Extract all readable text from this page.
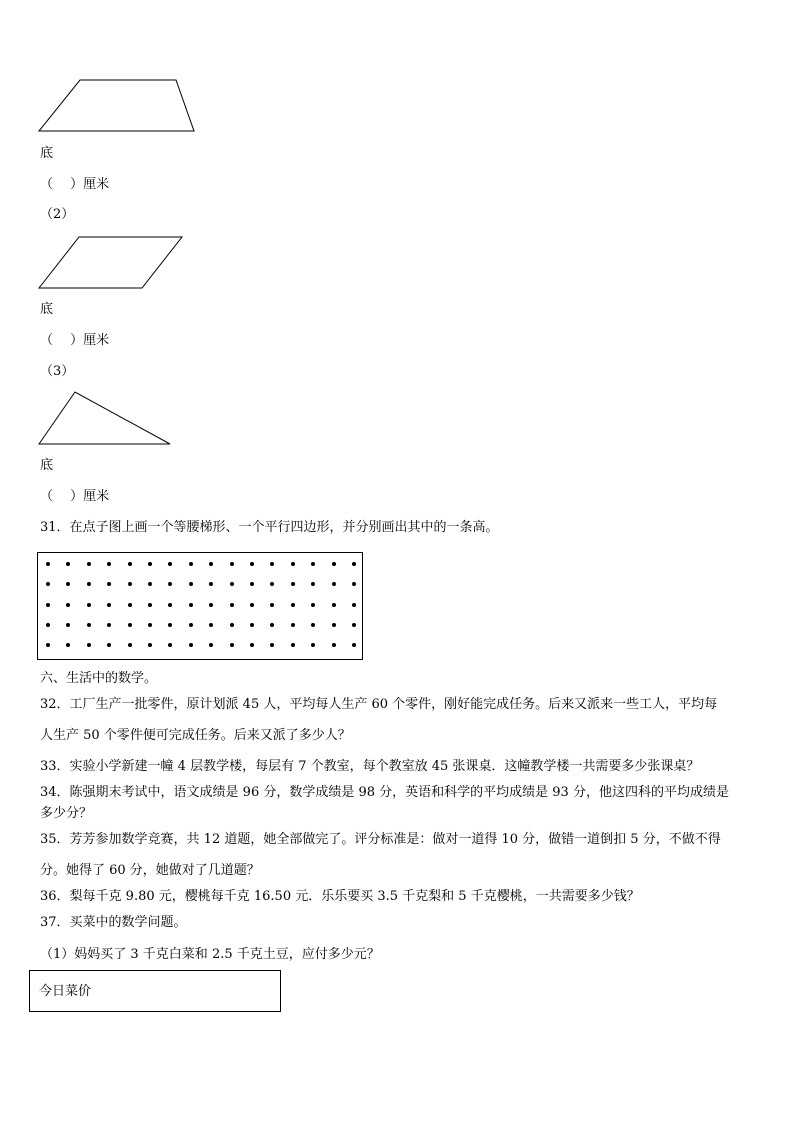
底
（　 ）厘米
（2）
底
（　 ）厘米
（3）
底
（　 ）厘米
31．在点子图上画一个等腰梯形、一个平行四边形，并分别画出其中的一条高。
六、生活中的数学。
32．工厂生产一批零件，原计划派 45 人，平均每人生产 60 个零件，刚好能完成任务。后来又派来一些工人，平均每
人生产 50 个零件便可完成任务。后来又派了多少人？
33．实验小学新建一幢 4 层教学楼，每层有 7 个教室，每个教室放 45 张课桌．这幢教学楼一共需要多少张课桌？
34．陈强期末考试中，语文成绩是 96 分，数学成绩是 98 分，英语和科学的平均成绩是 93 分，他这四科的平均成绩是
多少分？
35．芳芳参加数学竞赛，共 12 道题，她全部做完了。评分标准是：做对一道得 10 分，做错一道倒扣 5 分，不做不得
分。她得了 60 分，她做对了几道题？
36．梨每千克 9.80 元，樱桃每千克 16.50 元．乐乐要买 3.5 千克梨和 5 千克樱桃，一共需要多少钱？
37．买菜中的数学问题。
（1）妈妈买了 3 千克白菜和 2.5 千克土豆，应付多少元？
今日菜价
